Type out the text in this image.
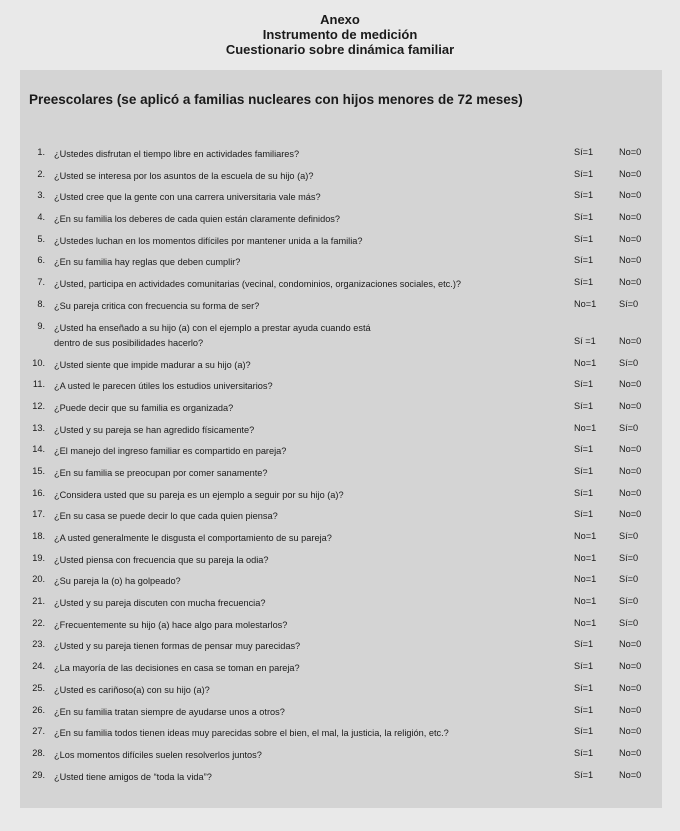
Anexo
Instrumento de medición
Cuestionario sobre dinámica familiar
Preescolares (se aplicó a familias nucleares con hijos menores de 72 meses)
1. ¿Ustedes disfrutan el tiempo libre en actividades familiares?	Sí=1	No=0
2. ¿Usted se interesa por los asuntos de la escuela de su hijo (a)?	Sí=1	No=0
3. ¿Usted cree que la gente con una carrera universitaria vale más?	Sí=1	No=0
4. ¿En su familia los deberes de cada quien están claramente definidos?	Sí=1	No=0
5. ¿Ustedes luchan en los momentos difíciles por mantener unida a la familia?	Sí=1	No=0
6. ¿En su familia hay reglas que deben cumplir?	Sí=1	No=0
7. ¿Usted, participa en actividades comunitarias (vecinal, condominios, organizaciones sociales, etc.)?	Sí=1	No=0
8. ¿Su pareja critica con frecuencia su forma de ser?	No=1 Sí=0
9. ¿Usted ha enseñado a su hijo (a) con el ejemplo a prestar ayuda cuando está
dentro de sus posibilidades hacerlo?	Sí =1	No=0
10. ¿Usted siente que impide madurar a su hijo (a)?	No=1 Sí=0
11. ¿A usted le parecen útiles los estudios universitarios?	Sí=1	No=0
12. ¿Puede decir que su familia es organizada?	Sí=1	No=0
13. ¿Usted y su pareja se han agredido físicamente?	No=1 Sí=0
14. ¿El manejo del ingreso familiar es compartido en pareja?	Sí=1	No=0
15. ¿En su familia se preocupan por comer sanamente?	Sí=1	No=0
16. ¿Considera usted que su pareja es un ejemplo a seguir por su hijo (a)?	Sí=1	No=0
17. ¿En su casa se puede decir lo que cada quien piensa?	Sí=1	No=0
18. ¿A usted generalmente le disgusta el comportamiento de su pareja?	No=1 Sí=0
19. ¿Usted piensa con frecuencia que su pareja la odia?	No=1 Sí=0
20. ¿Su pareja la (o) ha golpeado?	No=1 Sí=0
21. ¿Usted y su pareja discuten con mucha frecuencia?	No=1 Sí=0
22. ¿Frecuentemente su hijo (a) hace algo para molestarlos?	No=1 Sí=0
23. ¿Usted y su pareja tienen formas de pensar muy parecidas?	Sí=1	No=0
24. ¿La mayoría de las decisiones en casa se toman en pareja?	Sí=1	No=0
25. ¿Usted es cariñoso(a) con su hijo (a)?	Sí=1	No=0
26. ¿En su familia tratan siempre de ayudarse unos a otros?	Sí=1	No=0
27. ¿En su familia todos tienen ideas muy parecidas sobre el bien, el mal, la justicia, la religión, etc.?	Sí=1	No=0
28. ¿Los momentos difíciles suelen resolverlos juntos?	Sí=1	No=0
29. ¿Usted tiene amigos de “toda la vida”?	Sí=1	No=0
